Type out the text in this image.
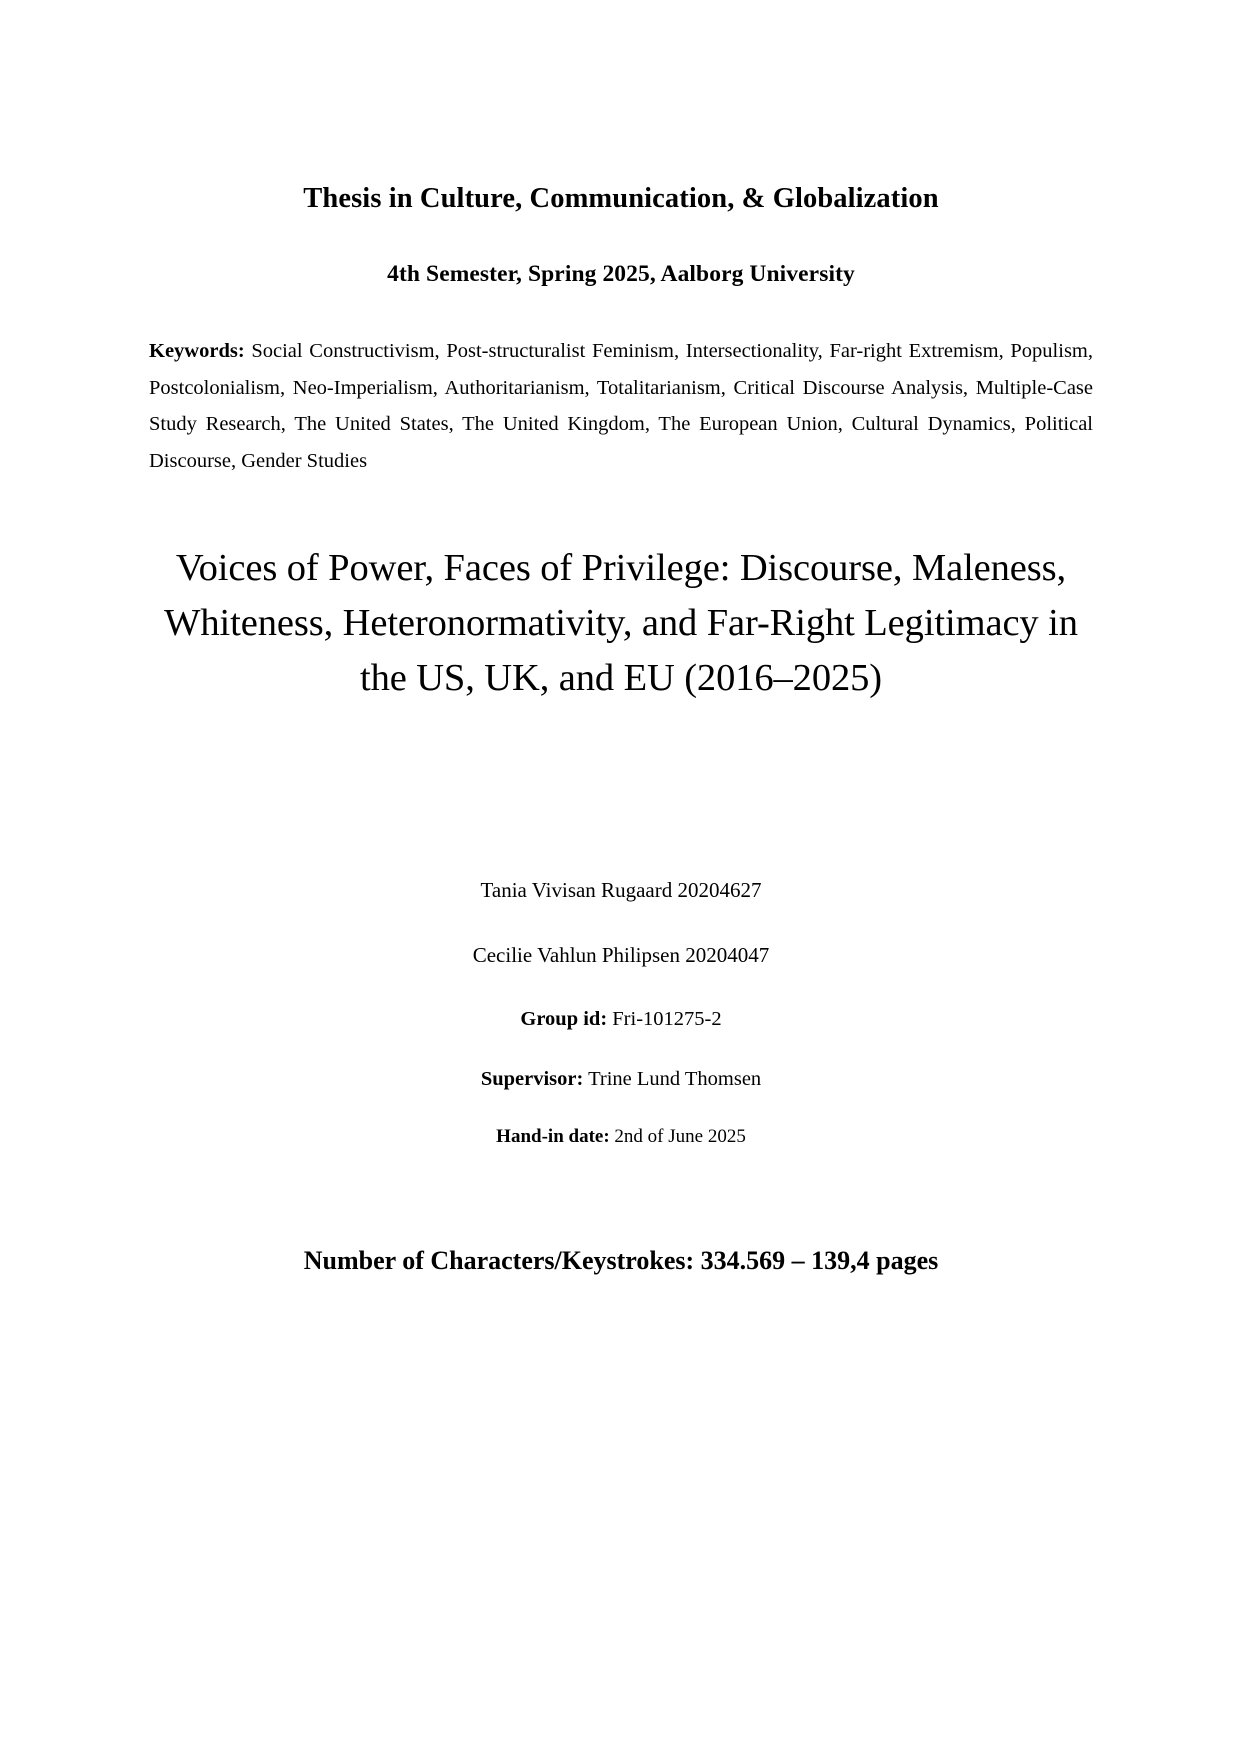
Thesis in Culture, Communication, & Globalization
4th Semester, Spring 2025, Aalborg University

Keywords: Social Constructivism, Post-structuralist Feminism, Intersectionality, Far-right Extremism, Populism, Postcolonialism, Neo-Imperialism, Authoritarianism, Totalitarianism, Critical Discourse Analysis, Multiple-Case Study Research, The United States, The United Kingdom, The European Union, Cultural Dynamics, Political Discourse, Gender Studies

Voices of Power, Faces of Privilege: Discourse, Maleness, Whiteness, Heteronormativity, and Far-Right Legitimacy in the US, UK, and EU (2016–2025)

Tania Vivisan Rugaard 20204627

Cecilie Vahlun Philipsen 20204047

Group id: Fri-101275-2

Supervisor: Trine Lund Thomsen

Hand-in date: 2nd of June 2025

Number of Characters/Keystrokes: 334.569 – 139,4 pages
